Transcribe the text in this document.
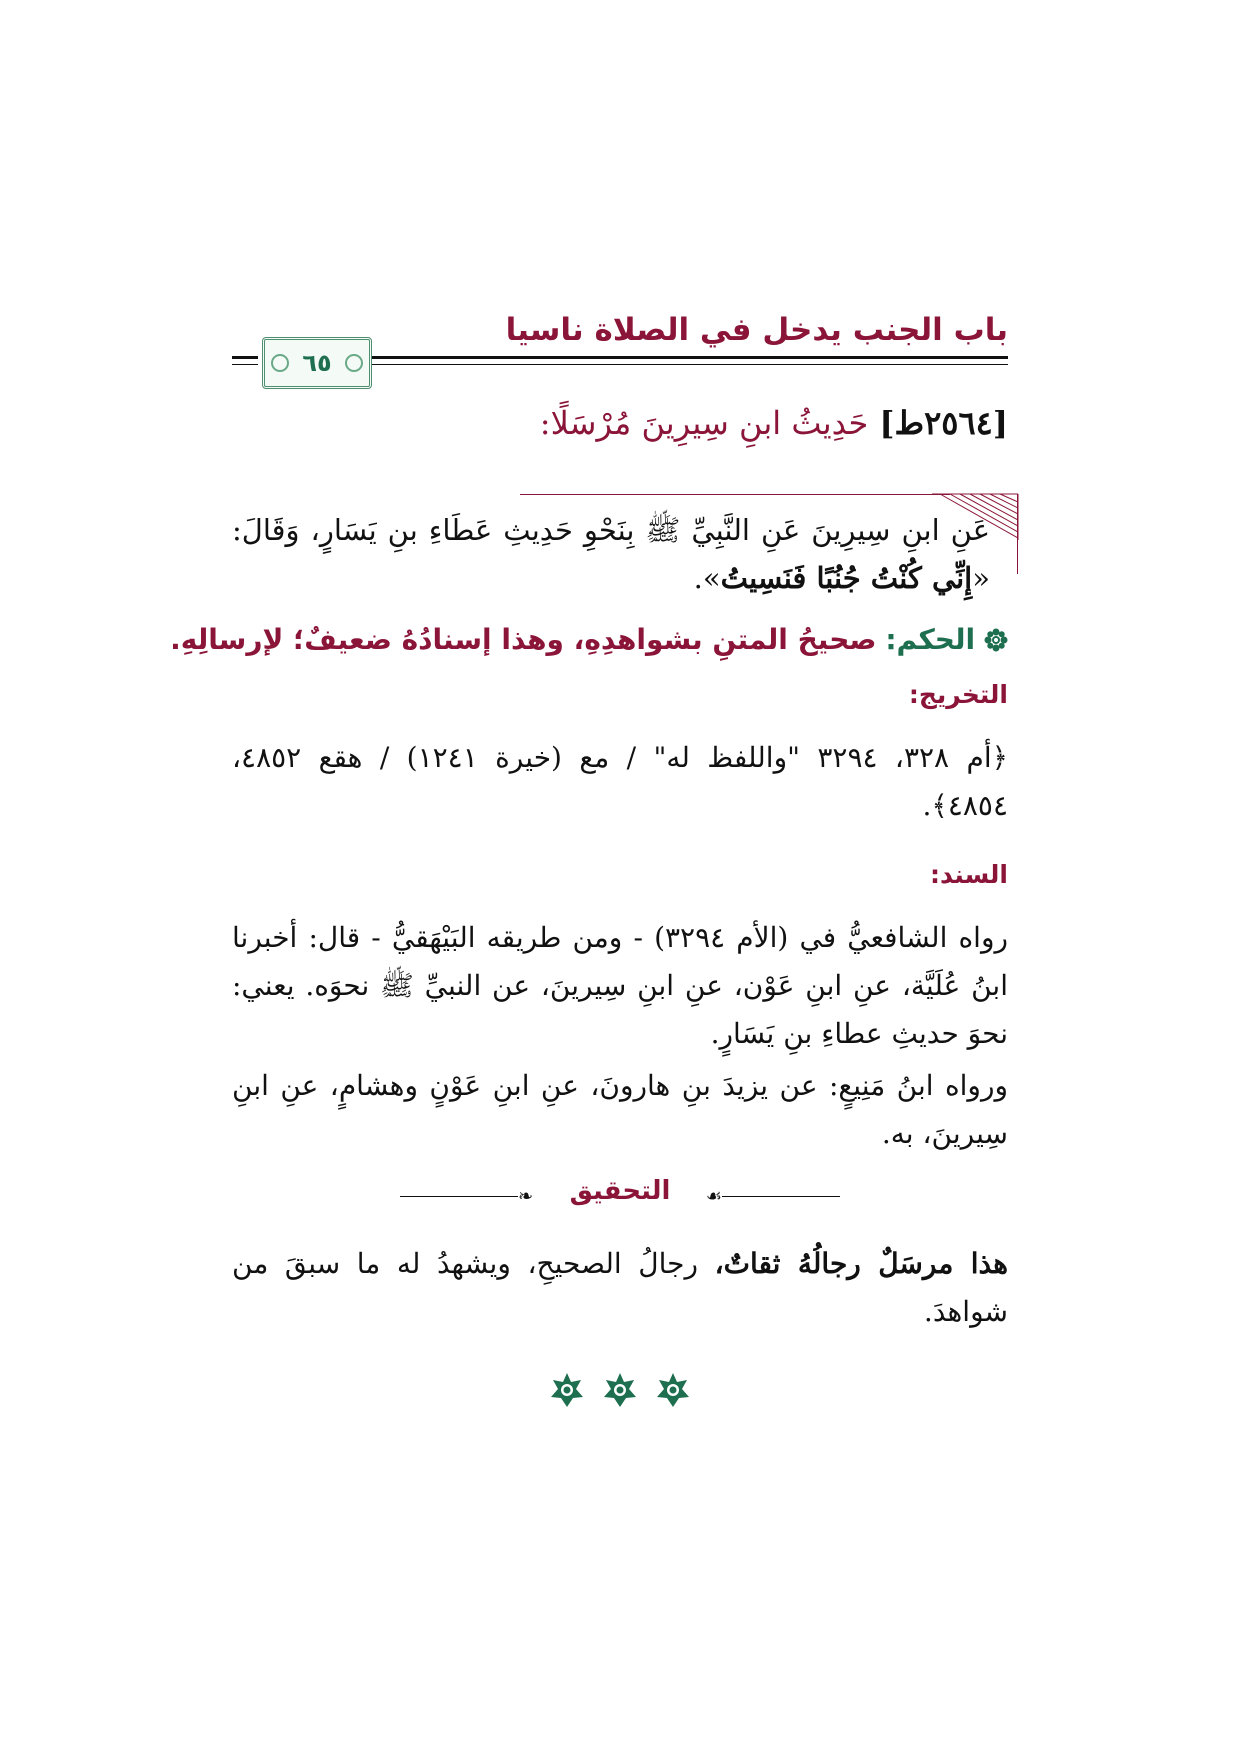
باب الجنب يدخل في الصلاة ناسيا
٦٥
[٢٥٦٤ط] حَدِيثُ ابنِ سِيرِينَ مُرْسَلًا:
عَنِ ابنِ سِيرِينَ عَنِ النَّبِيِّ ﷺ بِنَحْوِ حَدِيثِ عَطَاءِ بنِ يَسَارٍ، وَقَالَ: «إِنِّي كُنْتُ جُنُبًا فَنَسِيتُ».
الحكم: صحيحُ المتنِ بشواهدِهِ، وهذا إسنادُهُ ضعيفٌ؛ لإرسالِهِ.
التخريج:
﴿أم ٣٢٨، ٣٢٩٤ "واللفظ له" / مع (خيرة ١٢٤١) / هقع ٤٨٥٢، ٤٨٥٤﴾.
السند:
رواه الشافعيُّ في (الأم ٣٢٩٤) - ومن طريقه البَيْهَقيُّ - قال: أخبرنا ابنُ عُلَيَّة، عنِ ابنِ عَوْن، عنِ ابنِ سِيرينَ، عن النبيِّ ﷺ نحوَه. يعني: نحوَ حديثِ عطاءِ بنِ يَسَارٍ.
ورواه ابنُ مَنِيعٍ: عن يزيدَ بنِ هارونَ، عنِ ابنِ عَوْنٍ وهشامٍ، عنِ ابنِ سِيرينَ، به.
❧	☙
التحقيق
هذا مرسَلٌ رجالُهُ ثقاتٌ، رجالُ الصحيحِ، ويشهدُ له ما سبقَ من شواهدَ.
